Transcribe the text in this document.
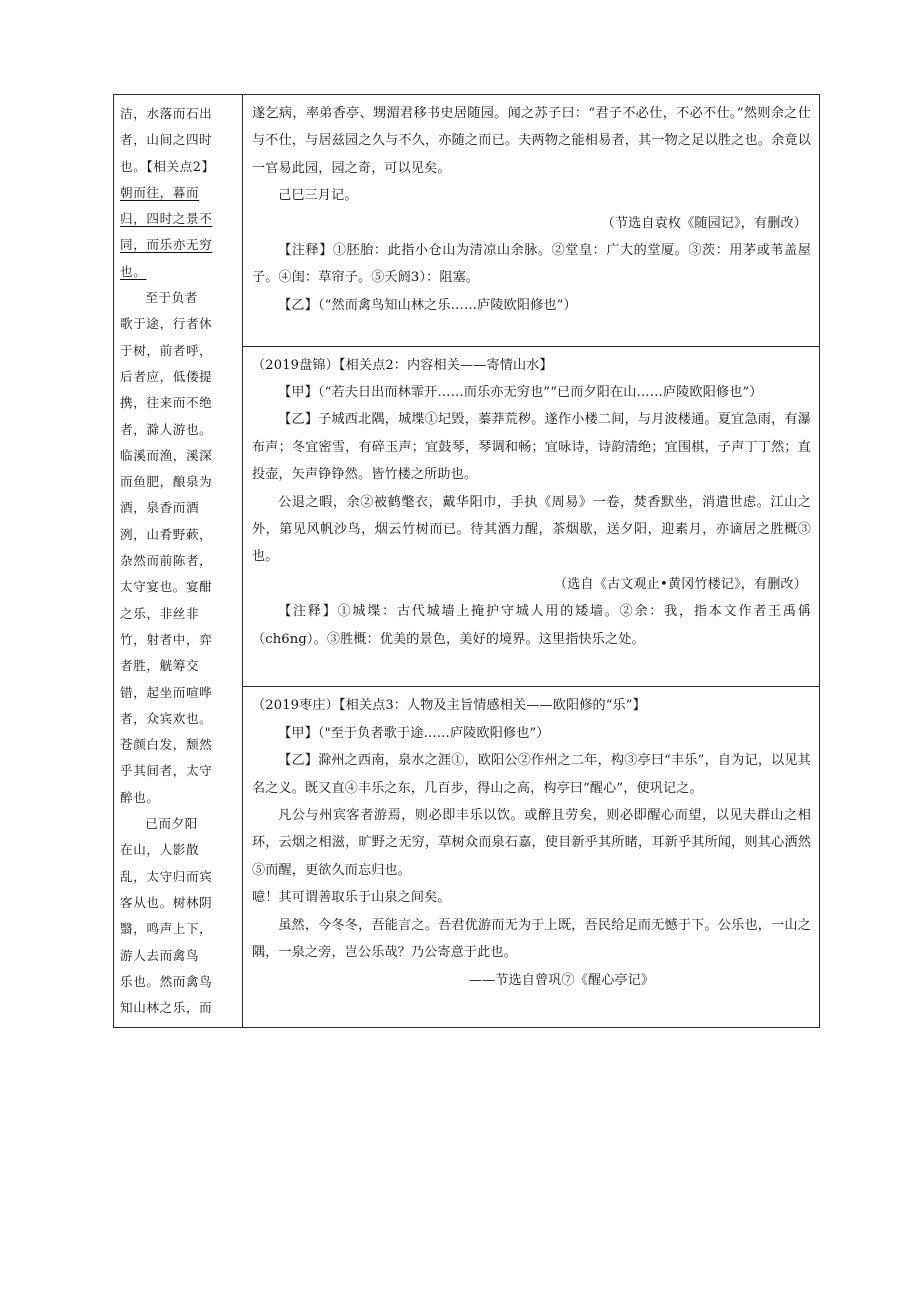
洁，水落而石出

者，山间之四时

也。【相关点2】

朝而往，暮而

归，四时之景不

同，而乐亦无穷

也。

至于负者

歌于途，行者休

于树，前者呼，

后者应，低偻提

携，往来而不绝

者，滁人游也。

临溪而渔，溪深

而鱼肥，酿泉为

酒，泉香而酒

洌，山肴野蔌，

杂然而前陈者，

太守宴也。宴酣

之乐，非丝非

竹，射者中，弈

者胜，觥筹交

错，起坐而喧哗

者，众宾欢也。

苍颜白发，颓然

乎其间者，太守

醉也。

已而夕阳

在山，人影散

乱，太守归而宾

客从也。树林阴

翳，鸣声上下，

游人去而禽鸟

乐也。然而禽鸟

知山林之乐，而

遂乞病，率弟香亭、甥湄君移书史居随园。闻之苏子曰：“君子不必仕，不必不仕。”然则余之仕与不仕，与居兹园之久与不久，亦随之而已。夫两物之能相易者，其一物之足以胜之也。余竟以一官易此园，园之奇，可以见矣。

己巳三月记。

（节选自袁枚《随园记》，有删改）

【注释】①胚胎：此指小仓山为清凉山余脉。②堂皇：广大的堂厦。③茨：用茅或苇盖屋子。④闺：草帘子。⑤夭阏3）：阻塞。

【乙】（“然而禽鸟知山林之乐……庐陵欧阳修也”）

（2019盘锦）【相关点2：内容相关——寄情山水】

【甲】（“若夫日出而林霏开……而乐亦无穷也”“已而夕阳在山……庐陵欧阳修也”）

【乙】子城西北隅，城堞①圮毁，蓁莽荒秽。遂作小楼二间，与月波楼通。夏宜急雨，有瀑布声；冬宜密雪，有碎玉声；宜鼓琴，琴调和畅；宜咏诗，诗韵清绝；宜围棋，子声丁丁然；直投壶，矢声铮铮然。皆竹楼之所助也。

公退之暇，余②被鹤氅衣，戴华阳巾，手执《周易》一卷，焚香默坐，消遣世虑。江山之外，第见风帆沙鸟，烟云竹树而已。待其酒力醒，茶烟歇，送夕阳，迎素月，亦谪居之胜概③也。

（选自《古文观止•黄冈竹楼记》，有删改）

【注释】①城堞：古代城墙上掩护守城人用的矮墙。②余：我，指本文作者王禹偁（ch6ng）。③胜概：优美的景色，美好的境界。这里指快乐之处。

（2019枣庄）【相关点3：人物及主旨情感相关——欧阳修的“乐”】

【甲】（"至于负者歌于途……庐陵欧阳修也”）

【乙】滁州之西南，泉水之涯①，欧阳公②作州之二年，构③亭曰“丰乐”，自为记，以见其名之义。既又直④丰乐之东，几百步，得山之高，构亭曰“醒心”，使巩记之。

凡公与州宾客者游焉，则必即丰乐以饮。或醉且劳矣，则必即醒心而望，以见夫群山之相环，云烟之相滋，旷野之无穷，草树众而泉石嘉，使目新乎其所睹，耳新乎其所闻，则其心洒然⑤而醒，更欲久而忘归也。

噫！其可谓善取乐于山泉之间矣。

虽然，今冬冬，吾能言之。吾君优游而无为于上既，吾民给足而无憾于下。公乐也，一山之隅，一泉之旁，岂公乐哉？乃公寄意于此也。

——节选自曾巩⑦《醒心亭记》
